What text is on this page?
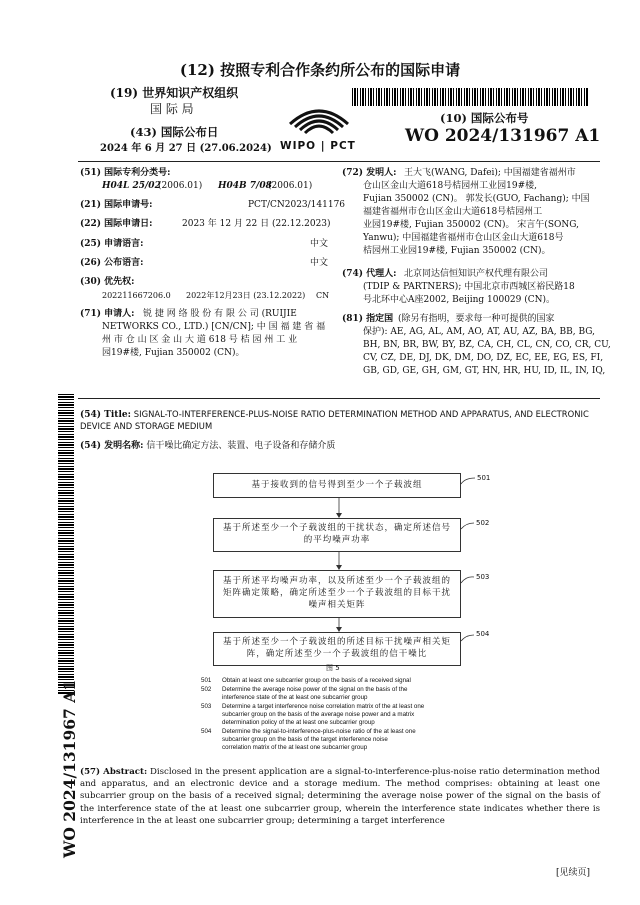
(12) 按照专利合作条约所公布的国际申请
(19) 世界知识产权组织
国 际 局
(43) 国际公布日
2024 年 6 月 27 日 (27.06.2024) WIPO | PCT
(10) 国际公布号
WO 2024/131967 A1
(51) 国际专利分类号:
H04L 25/02
(2006.01) H04B 7/08
(2006.01)
(21) 国际申请号:	PCT/CN2023/141176
(22) 国际申请日:	2023 年 12 月 22 日 (22.12.2023)
(25) 申请语言:	中文
(26) 公布语言:	中文
(30) 优先权:
202211667206.0 2022年12月23日 (23.12.2022) CN
(71) 申请人: 锐 捷 网 络 股 份 有 限 公 司 (RUIJIE
NETWORKS CO., LTD.) [CN/CN]; 中 国 福 建 省 福
州 市 仓 山 区 金 山 大 道 618 号 桔 园 州 工 业
园19#楼, Fujian 350002 (CN)。
(72) 发明人: 王大飞(WANG, Dafei); 中国福建省福州市
仓山区金山大道618号桔园州工业园19#楼,
Fujian 350002 (CN)。 郭发长(GUO, Fachang); 中国
福建省福州市仓山区金山大道618号桔园州工
业园19#楼, Fujian 350002 (CN)。 宋言午(SONG,
Yanwu); 中国福建省福州市仓山区金山大道618号
桔园州工业园19#楼, Fujian 350002 (CN)。
(74) 代理人: 北京同达信恒知识产权代理有限公司
(TDIP & PARTNERS); 中国北京市西城区裕民路18
号北环中心A座2002, Beijing 100029 (CN)。
(81) 指定国 (除另有指明，要求每一种可提供的国家
保护): AE, AG, AL, AM, AO, AT, AU, AZ, BA, BB, BG,
BH, BN, BR, BW, BY, BZ, CA, CH, CL, CN, CO, CR, CU,
CV, CZ, DE, DJ, DK, DM, DO, DZ, EC, EE, EG, ES, FI,
GB, GD, GE, GH, GM, GT, HN, HR, HU, ID, IL, IN, IQ,
WO 2024/131967 A1
(54) Title: SIGNAL-TO-INTERFERENCE-PLUS-NOISE RATIO DETERMINATION METHOD AND APPARATUS, AND ELECTRONIC DEVICE AND STORAGE MEDIUM
(54) 发明名称: 信干噪比确定方法、装置、电子设备和存储介质
基于接收到的信号得到至少一个子载波组
基于所述至少一个子载波组的干扰状态，确定所述信号的平均噪声功率
基于所述平均噪声功率，以及所述至少一个子载波组的矩阵确定策略，确定所述至少一个子载波组的目标干扰噪声相关矩阵
基于所述至少一个子载波组的所述目标干扰噪声相关矩阵，确定所述至少一个子载波组的信干噪比
501
502
503
504
图 5
501 Obtain at least one subcarrier group on the basis of a received signal
502 Determine the average noise power of the signal on the basis of the
interference state of the at least one subcarrier group
503 Determine a target interference noise correlation matrix of the at least one
subcarrier group on the basis of the average noise power and a matrix
determination policy of the at least one subcarrier group
504 Determine the signal-to-interference-plus-noise ratio of the at least one
subcarrier group on the basis of the target interference noise
correlation matrix of the at least one subcarrier group
(57) Abstract: Disclosed in the present application are a signal-to-interference-plus-noise ratio determination method and apparatus, and an electronic device and a storage medium. The method comprises: obtaining at least one subcarrier group on the basis of a received signal; determining the average noise power of the signal on the basis of the interference state of the at least one subcarrier group, wherein the interference state indicates whether there is interference in the at least one subcarrier group; determining a target interference
[见续页]
